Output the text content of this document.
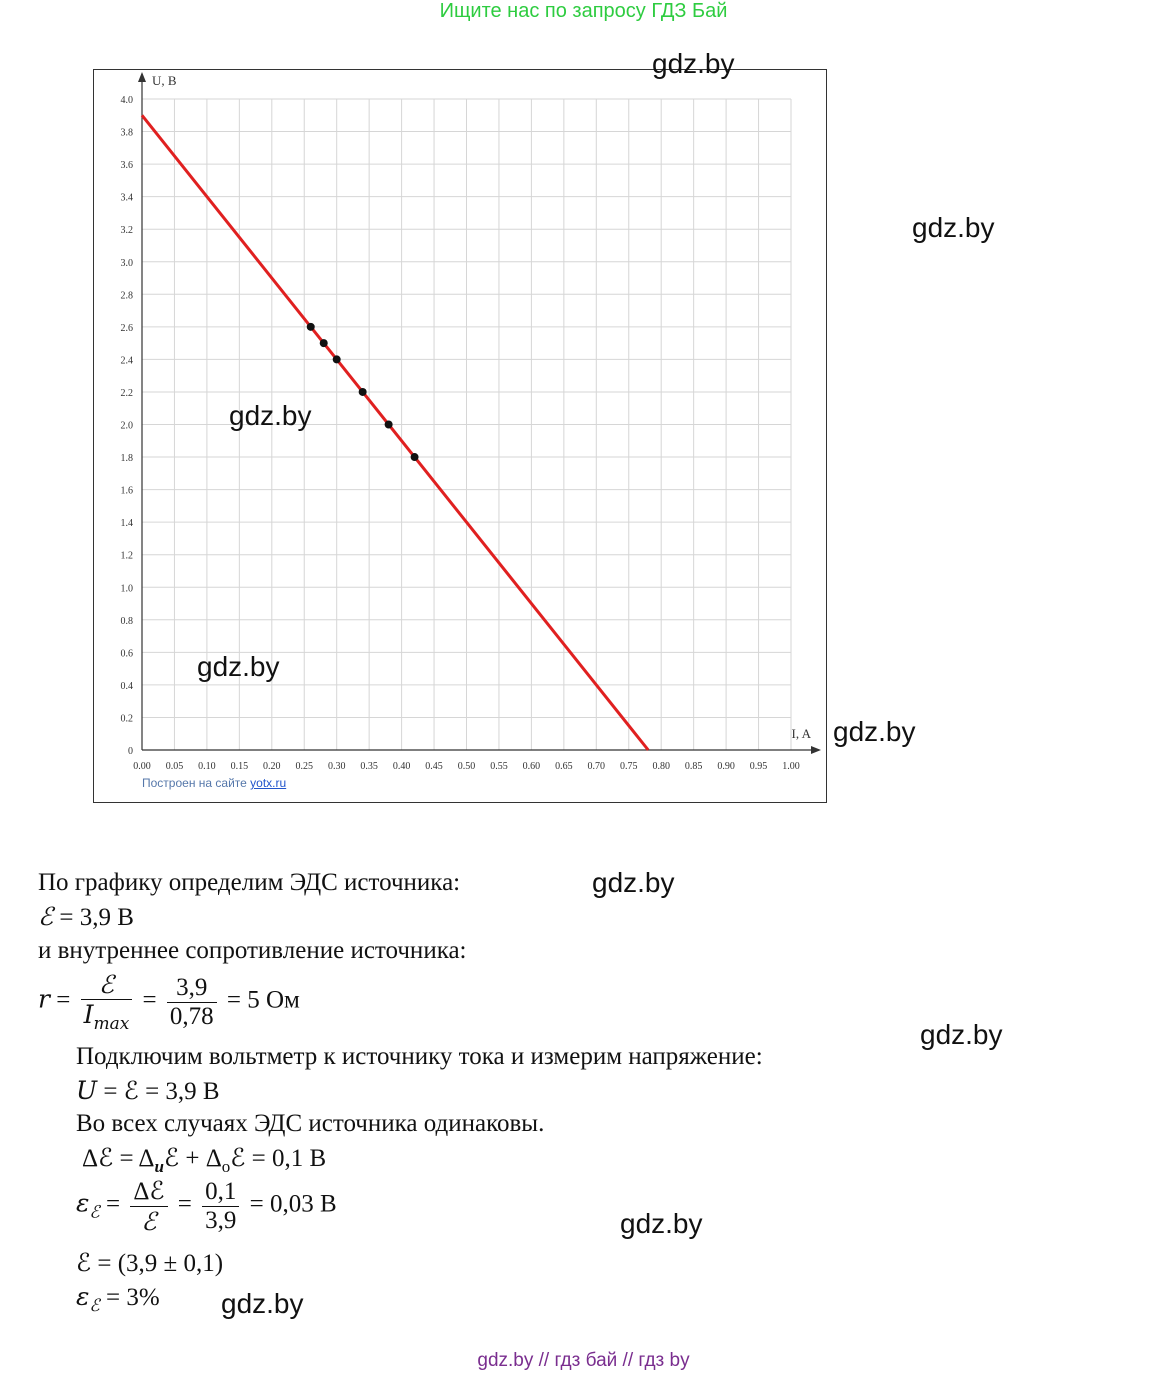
Ищите нас по запросу ГДЗ Бай
0.00 0.05 0.10 0.15 0.20 0.25 0.30 0.35 0.40 0.45 0.50 0.55 0.60 0.65 0.70 0.75 0.80 0.85 0.90 0.95 1.00
0
0.2
0.4
0.6
0.8
1.0
1.2
1.4
1.6
1.8
2.0
2.2
2.4
2.6
2.8
3.0
3.2
3.4
3.6
3.8
4.0
I, A
U, B
Построен на сайте yotx.ru
gdz.by
gdz.by
gdz.by
gdz.by
gdz.by
gdz.by
gdz.by
gdz.by
gdz.by
По графику определим ЭДС источника:
ℰ = 3,9 В
и внутреннее сопротивление источника:
$r = \frac{\text{ℰ}}{I_{max}} = \frac{3,9}{0,78} = 5$ Ом
Подключим вольтметр к источнику тока и измерим напряжение:
U = ℰ = 3,9 В
Во всех случаях ЭДС источника одинаковы.
Δℰ = $\Delta_иℰ$ + $\Delta_оℰ = 0,1$ В
$\varepsilon_ℰ = \frac{\text{Δℰ}}{\text{ℰ}} = \frac{0,1}{3,9} = 0,03$ В
ℰ = (3,9 ± 0,1)
$\varepsilon_ℰ = 3\%$
gdz.by // гдз бай // гдз by
